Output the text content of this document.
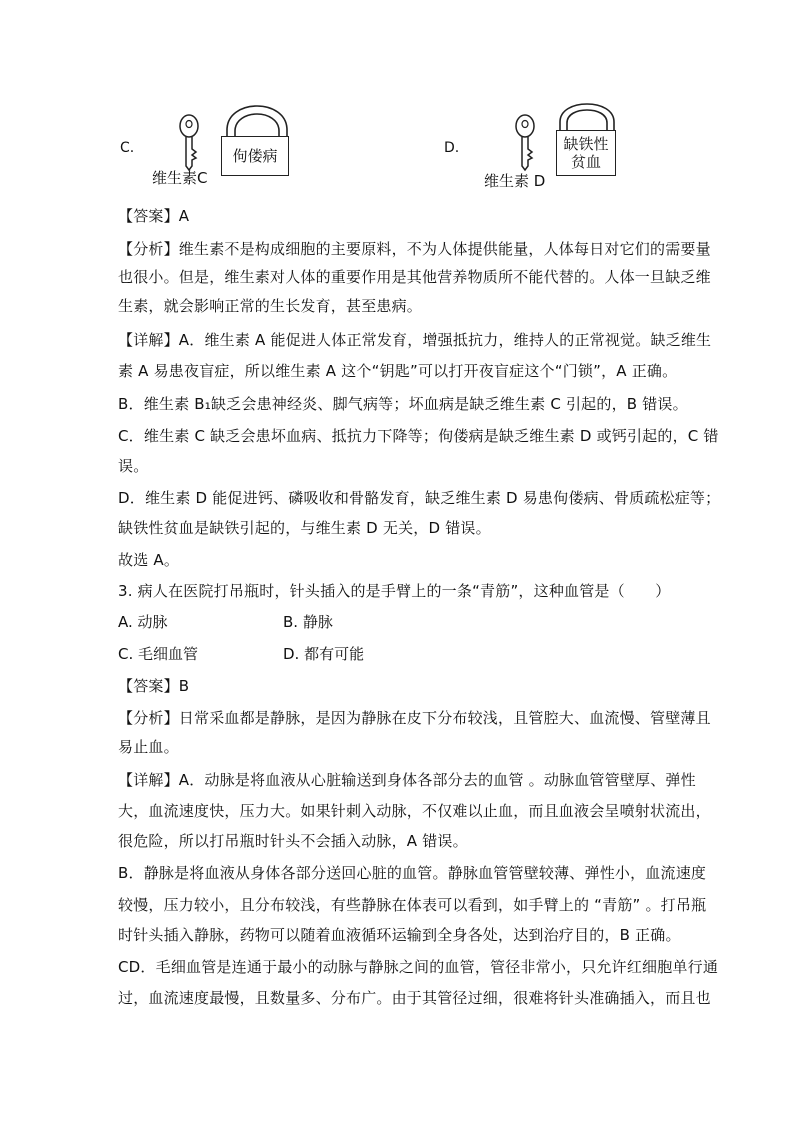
C.	佝偻病
维生素C
D.	缺铁性
贫血
维生素 D
【答案】A
【分析】维生素不是构成细胞的主要原料，不为人体提供能量，人体每日对它们的需要量
也很小。但是，维生素对人体的重要作用是其他营养物质所不能代替的。人体一旦缺乏维
生素，就会影响正常的生长发育，甚至患病。
【详解】A．维生素 A 能促进人体正常发育，增强抵抗力，维持人的正常视觉。缺乏维生
素 A 易患夜盲症，所以维生素 A 这个“钥匙”可以打开夜盲症这个“门锁”，A 正确。
B．维生素 B₁缺乏会患神经炎、脚气病等；坏血病是缺乏维生素 C 引起的，B 错误。
C．维生素 C 缺乏会患坏血病、抵抗力下降等；佝偻病是缺乏维生素 D 或钙引起的，C 错
误。
D．维生素 D 能促进钙、磷吸收和骨骼发育，缺乏维生素 D 易患佝偻病、骨质疏松症等；
缺铁性贫血是缺铁引起的，与维生素 D 无关，D 错误。
故选 A。
3. 病人在医院打吊瓶时，针头插入的是手臂上的一条“青筋”，这种血管是（　　）
A. 动脉	B. 静脉
C. 毛细血管	D. 都有可能
【答案】B
【分析】日常采血都是静脉，是因为静脉在皮下分布较浅，且管腔大、血流慢、管壁薄且
易止血。
【详解】A．动脉是将血液从心脏输送到身体各部分去的血管 。动脉血管管壁厚、弹性
大，血流速度快，压力大。如果针刺入动脉，不仅难以止血，而且血液会呈喷射状流出，
很危险，所以打吊瓶时针头不会插入动脉，A 错误。
B．静脉是将血液从身体各部分送回心脏的血管。静脉血管管壁较薄、弹性小，血流速度
较慢，压力较小，且分布较浅，有些静脉在体表可以看到，如手臂上的 “青筋” 。打吊瓶
时针头插入静脉，药物可以随着血液循环运输到全身各处，达到治疗目的，B 正确。
CD．毛细血管是连通于最小的动脉与静脉之间的血管，管径非常小，只允许红细胞单行通
过，血流速度最慢，且数量多、分布广。由于其管径过细，很难将针头准确插入，而且也
